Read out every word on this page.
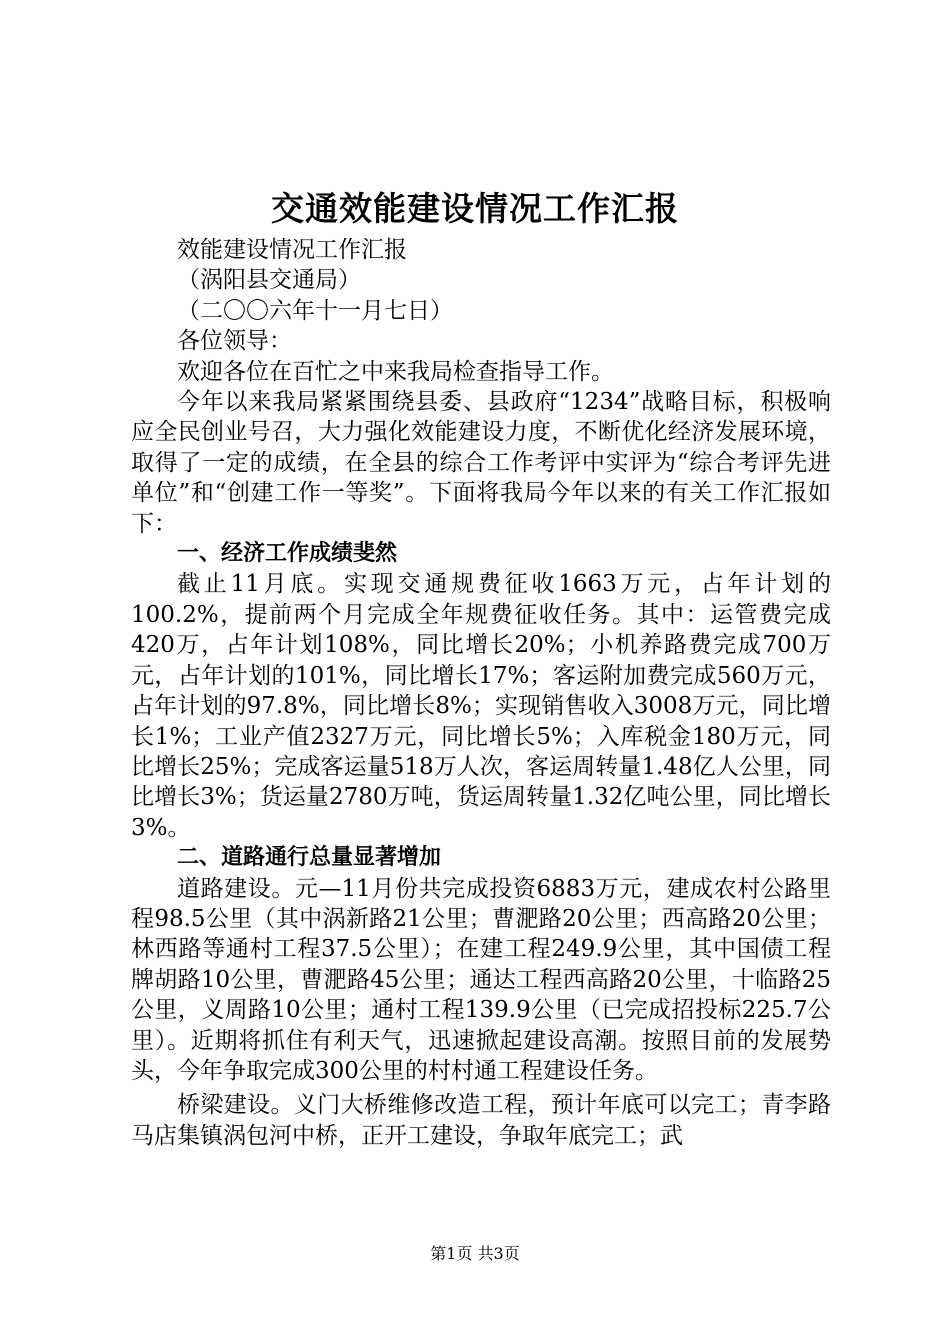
交通效能建设情况工作汇报

效能建设情况工作汇报

（涡阳县交通局）

（二〇〇六年十一月七日）

各位领导：

欢迎各位在百忙之中来我局检查指导工作。

今年以来我局紧紧围绕县委、县政府“1234”战略目标，积极响应全民创业号召，大力强化效能建设力度，不断优化经济发展环境，取得了一定的成绩，在全县的综合工作考评中实评为“综合考评先进单位”和“创建工作一等奖”。下面将我局今年以来的有关工作汇报如下：

一、经济工作成绩斐然

截止11月底。实现交通规费征收1663万元，占年计划的100.2%，提前两个月完成全年规费征收任务。其中：运管费完成420万，占年计划108%，同比增长20%；小机养路费完成700万元，占年计划的101%，同比增长17%；客运附加费完成560万元，占年计划的97.8%，同比增长8%；实现销售收入3008万元，同比增长1%；工业产值2327万元，同比增长5%；入库税金180万元，同比增长25%；完成客运量518万人次，客运周转量1.48亿人公里，同比增长3%；货运量2780万吨，货运周转量1.32亿吨公里，同比增长3%。

二、道路通行总量显著增加

道路建设。元—11月份共完成投资6883万元，建成农村公路里程98.5公里（其中涡新路21公里；曹淝路20公里；西高路20公里；林西路等通村工程37.5公里）；在建工程249.9公里，其中国债工程牌胡路10公里，曹淝路45公里；通达工程西高路20公里，十临路25公里，义周路10公里；通村工程139.9公里（已完成招投标225.7公里）。近期将抓住有利天气，迅速掀起建设高潮。按照目前的发展势头，今年争取完成300公里的村村通工程建设任务。

桥梁建设。义门大桥维修改造工程，预计年底可以完工；青李路马店集镇涡包河中桥，正开工建设，争取年底完工；武

第1页 共3页
